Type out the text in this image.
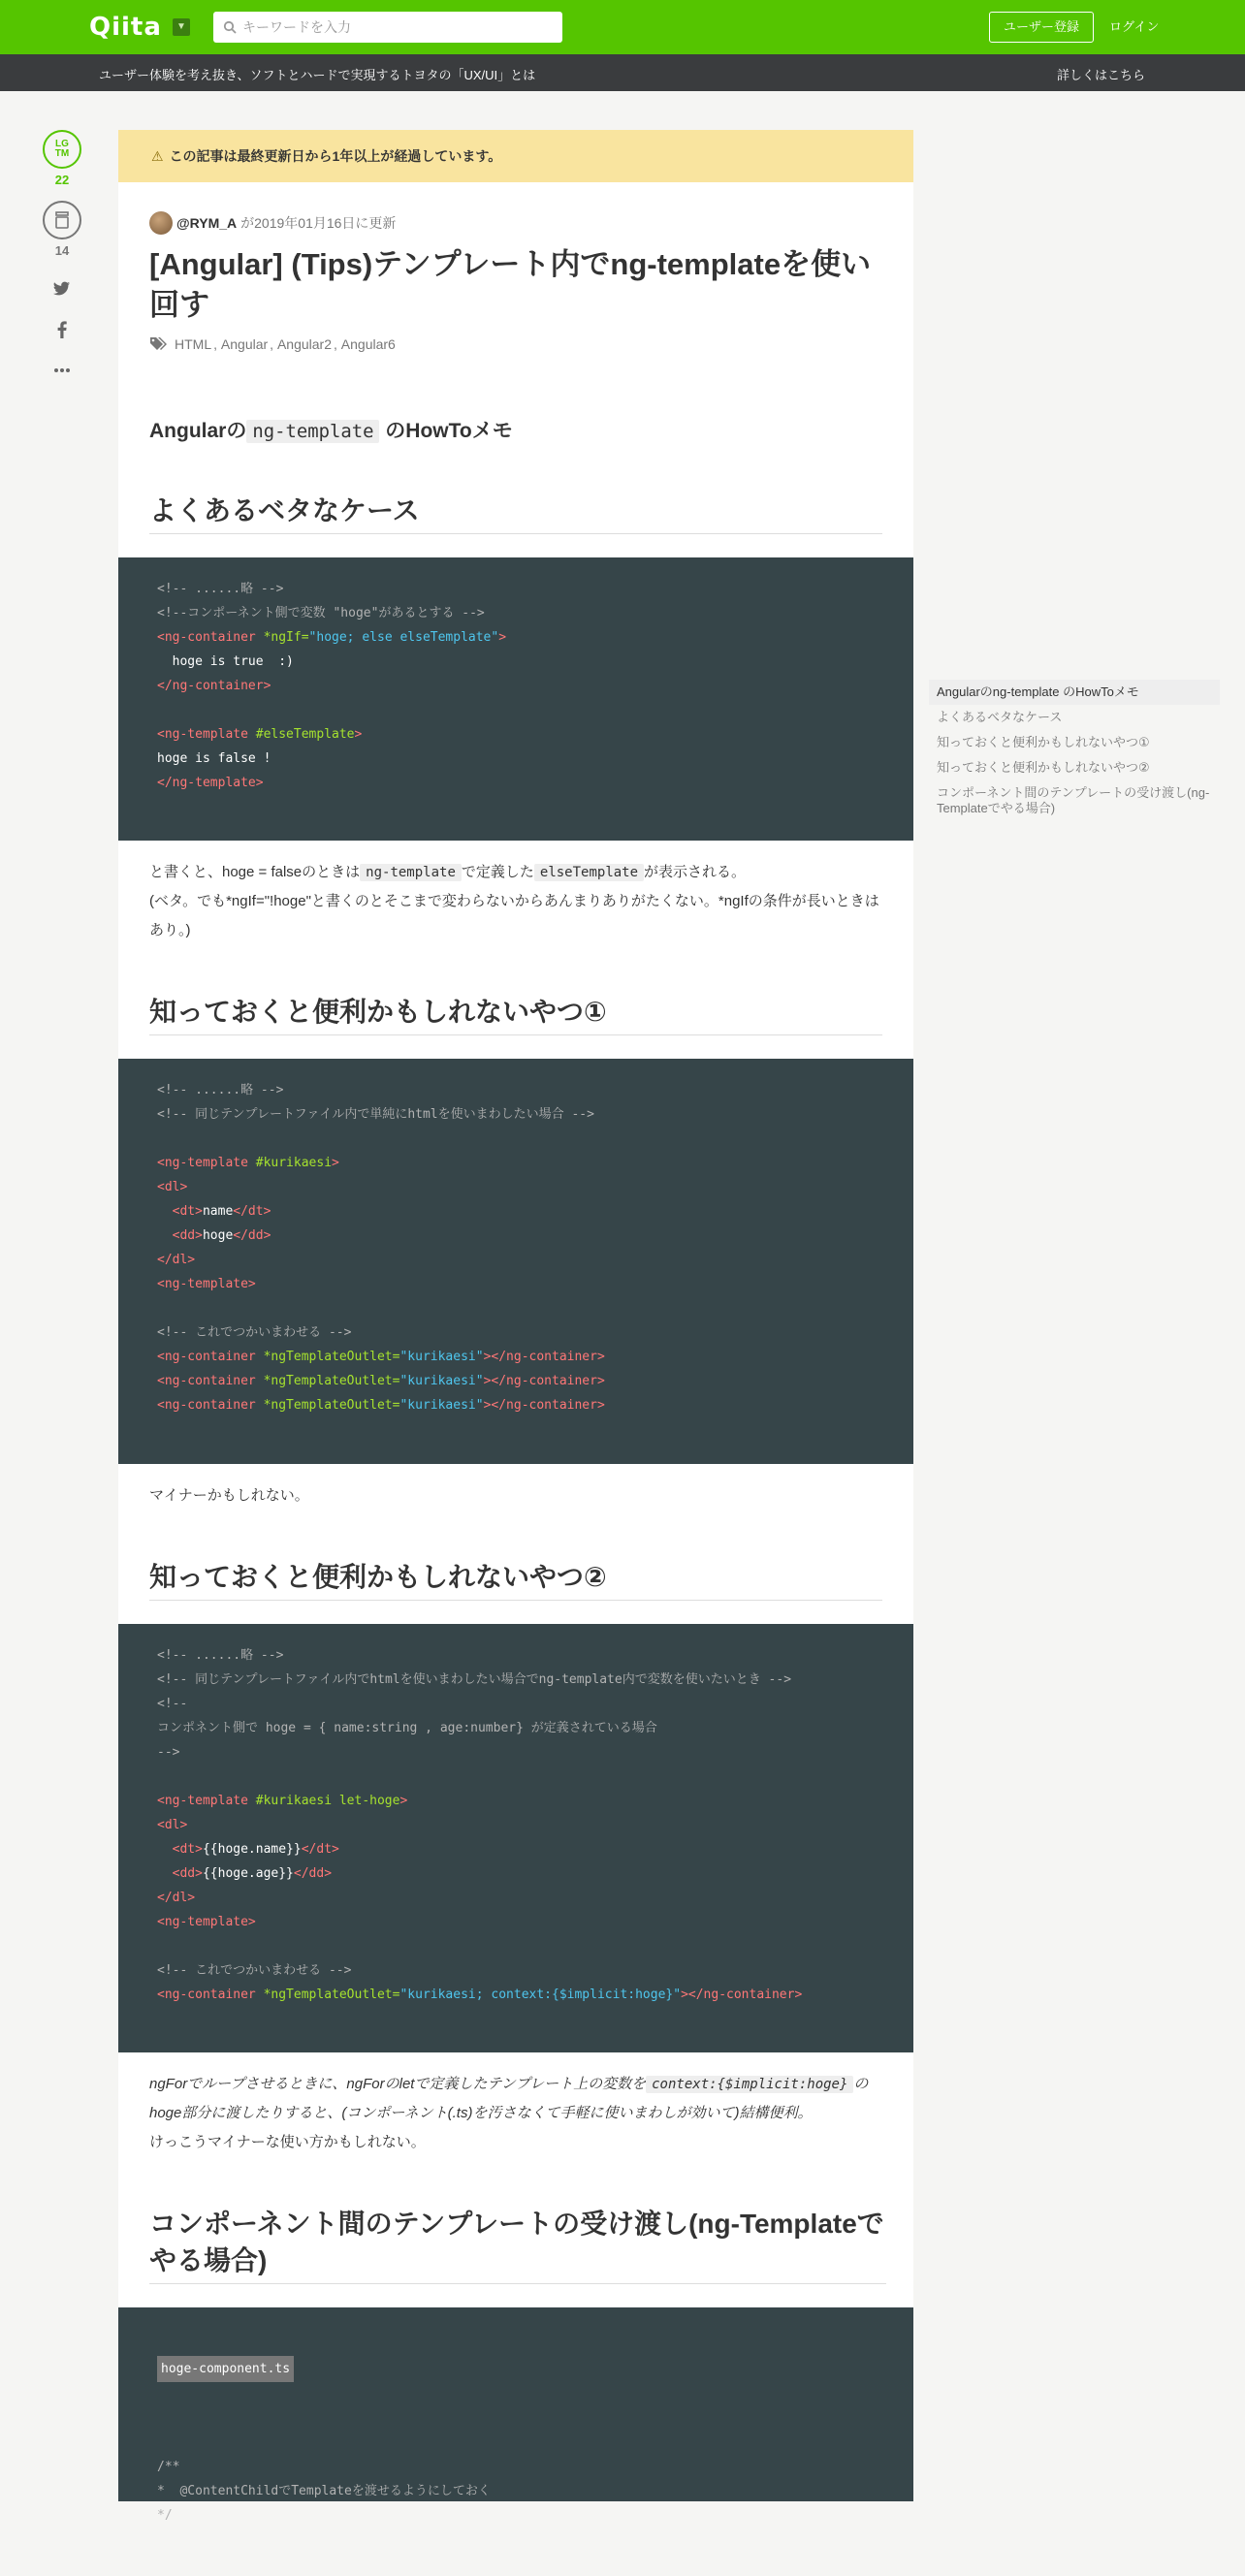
Qiita	▼
キーワードを入力	ユーザー登録	ログイン
ユーザー体験を考え抜き、ソフトとハードで実現するトヨタの「UX/UI」とは	詳しくはこちら
LG
TM
22
14
⚠ この記事は最終更新日から1年以上が経過しています。
@RYM_A が2019年01月16日に更新
[Angular] (Tips)テンプレート内でng-templateを使い回す
HTML , Angular , Angular2 , Angular6
Angularの ng-template のHowToメモ
よくあるベタなケース
<!-- ......略 -->
<!--コンポーネント側で変数 "hoge"があるとする -->
<ng-container *ngIf="hoge; else elseTemplate">
hoge is true  :)
</ng-container>
<ng-template #elseTemplate>
hoge is false !
</ng-template>
と書くと、hoge = falseのときは ng-template で定義した elseTemplate が表示される。
(ベタ。でも*ngIf="!hoge"と書くのとそこまで変わらないからあんまりありがたくない。*ngIfの条件が長いときはあり。)
知っておくと便利かもしれないやつ①
<!-- ......略 -->
<!-- 同じテンプレートファイル内で単純にhtmlを使いまわしたい場合 -->
<ng-template #kurikaesi>
<dl>
<dt>name</dt>
<dd>hoge</dd>
</dl>
<ng-template>
<!-- これでつかいまわせる -->
<ng-container *ngTemplateOutlet="kurikaesi"></ng-container>
<ng-container *ngTemplateOutlet="kurikaesi"></ng-container>
<ng-container *ngTemplateOutlet="kurikaesi"></ng-container>
マイナーかもしれない。
知っておくと便利かもしれないやつ②
<!-- ......略 -->
<!-- 同じテンプレートファイル内でhtmlを使いまわしたい場合でng-template内で変数を使いたいとき -->
<!--
コンポネント側で hoge = { name:string , age:number} が定義されている場合
-->
<ng-template #kurikaesi let-hoge>
<dl>
<dt>{{hoge.name}}</dt>
<dd>{{hoge.age}}</dd>
</dl>
<ng-template>
<!-- これでつかいまわせる -->
<ng-container *ngTemplateOutlet="kurikaesi; context:{$implicit:hoge}"></ng-container>
ngForでループさせるときに、ngForのletで定義したテンプレート上の変数を context:{$implicit:hoge} のhoge部分に渡したりすると、(コンポーネント(.ts)を汚さなくて手軽に使いまわしが効いて)結構便利。
けっこうマイナーな使い方かもしれない。
コンポーネント間のテンプレートの受け渡し(ng-Templateでやる場合)

hoge-component.ts

/**
*  @ContentChildでTemplateを渡せるようにしておく
*/

Angularのng-template のHowToメモ
よくあるベタなケース
知っておくと便利かもしれないやつ①
知っておくと便利かもしれないやつ②
コンポーネント間のテンプレートの受け渡し(ng-Templateでやる場合)
